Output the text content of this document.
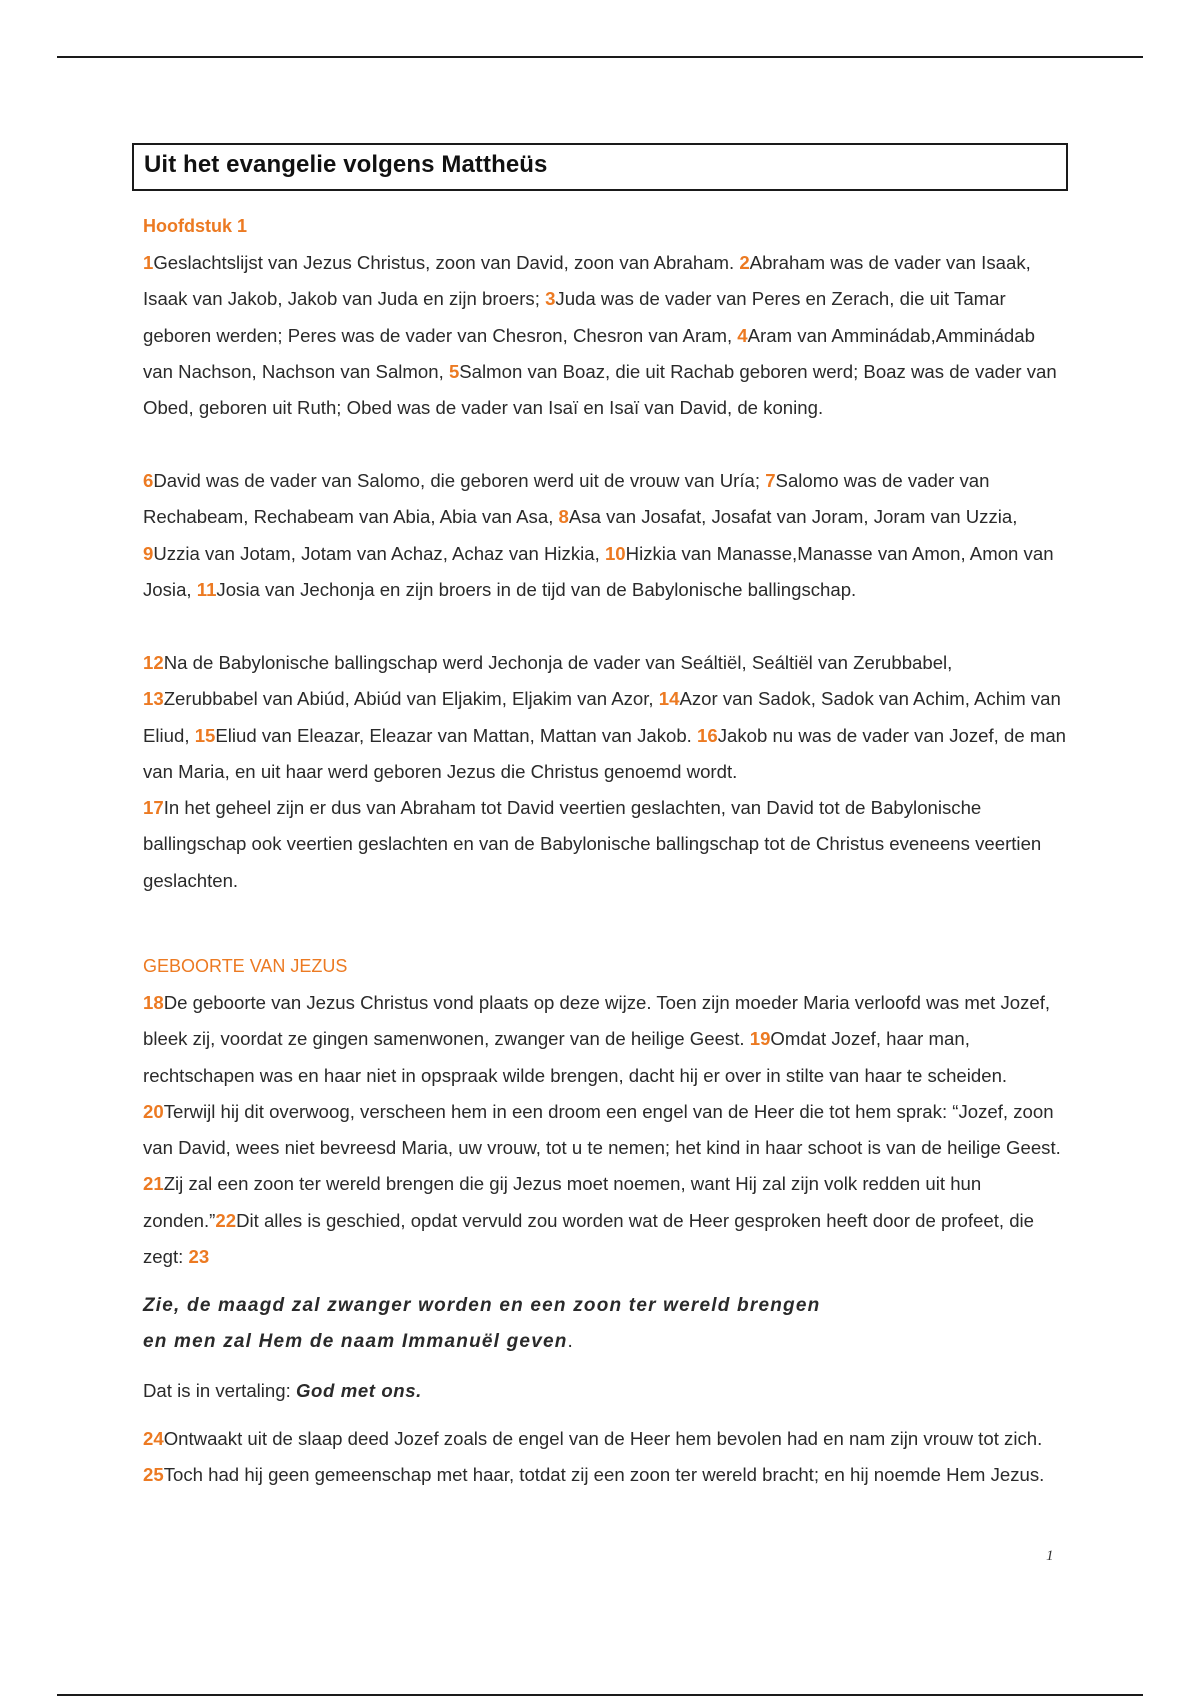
Uit het evangelie volgens Mattheüs
Hoofdstuk 1

1Geslachtslijst van Jezus Christus, zoon van David, zoon van Abraham. 2Abraham was de vader van Isaak, Isaak van Jakob, Jakob van Juda en zijn broers; 3Juda was de vader van Peres en Zerach, die uit Tamar geboren werden; Peres was de vader van Chesron, Chesron van Aram, 4Aram van Amminádab,Amminádab van Nachson, Nachson van Salmon, 5Salmon van Boaz, die uit Rachab geboren werd; Boaz was de vader van Obed, geboren uit Ruth; Obed was de vader van Isaï en Isaï van David, de koning.

6David was de vader van Salomo, die geboren werd uit de vrouw van Uría; 7Salomo was de vader van Rechabeam, Rechabeam van Abia, Abia van Asa, 8Asa van Josafat, Josafat van Joram, Joram van Uzzia, 9Uzzia van Jotam, Jotam van Achaz, Achaz van Hizkia, 10Hizkia van Manasse,Manasse van Amon, Amon van Josia, 11Josia van Jechonja en zijn broers in de tijd van de Babylonische ballingschap.

12Na de Babylonische ballingschap werd Jechonja de vader van Seáltiël, Seáltiël van Zerubbabel, 13Zerubbabel van Abiúd, Abiúd van Eljakim, Eljakim van Azor, 14Azor van Sadok, Sadok van Achim, Achim van Eliud, 15Eliud van Eleazar, Eleazar van Mattan, Mattan van Jakob. 16Jakob nu was de vader van Jozef, de man van Maria, en uit haar werd geboren Jezus die Christus genoemd wordt.

17In het geheel zijn er dus van Abraham tot David veertien geslachten, van David tot de Babylonische ballingschap ook veertien geslachten en van de Babylonische ballingschap tot de Christus eveneens veertien geslachten.

GEBOORTE VAN JEZUS

18De geboorte van Jezus Christus vond plaats op deze wijze. Toen zijn moeder Maria verloofd was met Jozef, bleek zij, voordat ze gingen samenwonen, zwanger van de heilige Geest. 19Omdat Jozef, haar man, rechtschapen was en haar niet in opspraak wilde brengen, dacht hij er over in stilte van haar te scheiden. 20Terwijl hij dit overwoog, verscheen hem in een droom een engel van de Heer die tot hem sprak: “Jozef, zoon van David, wees niet bevreesd Maria, uw vrouw, tot u te nemen; het kind in haar schoot is van de heilige Geest. 21Zij zal een zoon ter wereld brengen die gij Jezus moet noemen, want Hij zal zijn volk redden uit hun zonden.”22Dit alles is geschied, opdat vervuld zou worden wat de Heer gesproken heeft door de profeet, die zegt: 23

Zie, de maagd zal zwanger worden en een zoon ter wereld brengen
en men zal Hem de naam Immanuël geven.

Dat is in vertaling: God met ons.

24Ontwaakt uit de slaap deed Jozef zoals de engel van de Heer hem bevolen had en nam zijn vrouw tot zich. 25Toch had hij geen gemeenschap met haar, totdat zij een zoon ter wereld bracht; en hij noemde Hem Jezus.

1
